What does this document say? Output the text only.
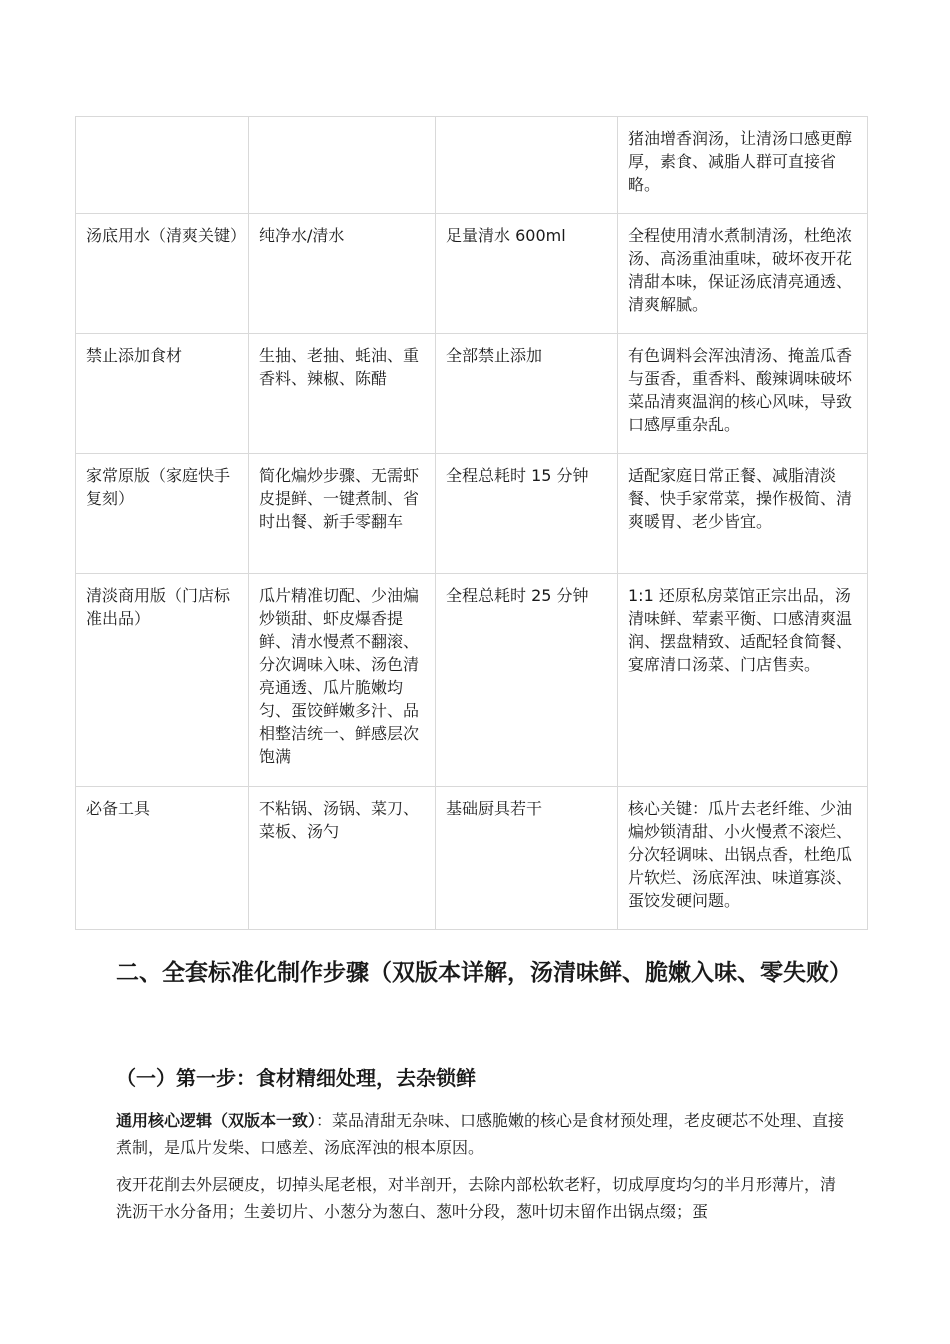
			猪油增香润汤，让清汤口感更醇厚，素食、减脂人群可直接省略。
汤底用水（清爽关键）	纯净水/清水	足量清水 600ml	全程使用清水煮制清汤，杜绝浓汤、高汤重油重味，破坏夜开花清甜本味，保证汤底清亮通透、清爽解腻。
禁止添加食材	生抽、老抽、蚝油、重香料、辣椒、陈醋	全部禁止添加	有色调料会浑浊清汤、掩盖瓜香与蛋香，重香料、酸辣调味破坏菜品清爽温润的核心风味，导致口感厚重杂乱。
家常原版（家庭快手复刻）	简化煸炒步骤、无需虾皮提鲜、一键煮制、省时出餐、新手零翻车	全程总耗时 15 分钟	适配家庭日常正餐、减脂清淡餐、快手家常菜，操作极简、清爽暖胃、老少皆宜。
清淡商用版（门店标准出品）	瓜片精准切配、少油煸炒锁甜、虾皮爆香提鲜、清水慢煮不翻滚、分次调味入味、汤色清亮通透、瓜片脆嫩均匀、蛋饺鲜嫩多汁、品相整洁统一、鲜感层次饱满	全程总耗时 25 分钟	1:1 还原私房菜馆正宗出品，汤清味鲜、荤素平衡、口感清爽温润、摆盘精致、适配轻食简餐、宴席清口汤菜、门店售卖。
必备工具	不粘锅、汤锅、菜刀、菜板、汤勺	基础厨具若干	核心关键：瓜片去老纤维、少油煸炒锁清甜、小火慢煮不滚烂、分次轻调味、出锅点香，杜绝瓜片软烂、汤底浑浊、味道寡淡、蛋饺发硬问题。
二、全套标准化制作步骤（双版本详解，汤清味鲜、脆嫩入味、零失败）
（一）第一步：食材精细处理，去杂锁鲜

通用核心逻辑（双版本一致）：菜品清甜无杂味、口感脆嫩的核心是食材预处理，老皮硬芯不处理、直接煮制，是瓜片发柴、口感差、汤底浑浊的根本原因。

夜开花削去外层硬皮，切掉头尾老根，对半剖开，去除内部松软老籽，切成厚度均匀的半月形薄片，清洗沥干水分备用；生姜切片、小葱分为葱白、葱叶分段，葱叶切末留作出锅点缀；蛋
